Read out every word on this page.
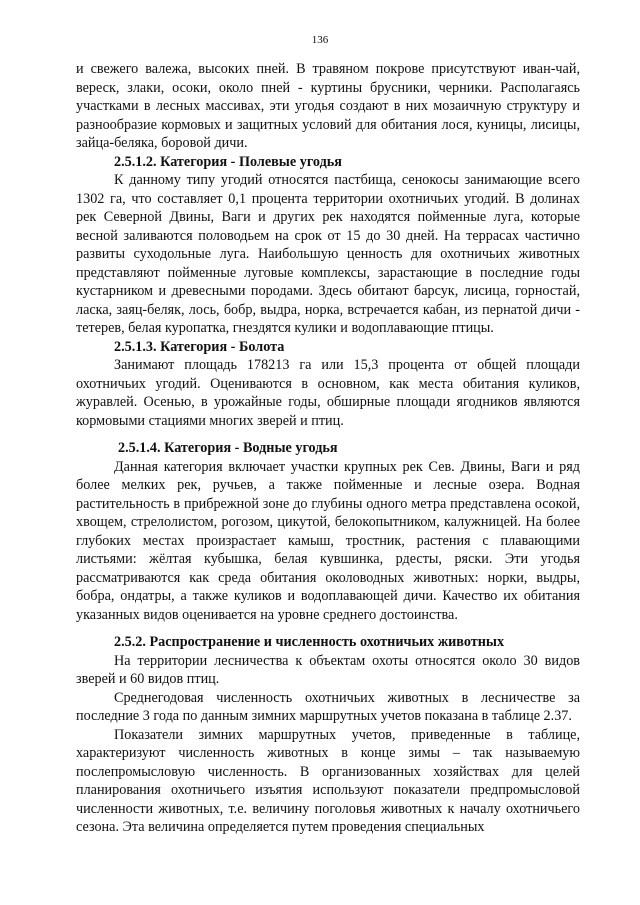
136

и свежего валежа, высоких пней. В травяном покрове присутствуют иван-чай, вереск, злаки, осоки, около пней - куртины брусники, черники. Располагаясь участками в лесных массивах, эти угодья создают в них мозаичную структуру и разнообразие кормовых и защитных условий для обитания лося, куницы, лисицы, зайца-беляка, боровой дичи.

2.5.1.2. Категория - Полевые угодья

К данному типу угодий относятся пастбища, сенокосы занимающие всего 1302 га, что составляет 0,1 процента территории охотничьих угодий. В долинах рек Северной Двины, Ваги и других рек находятся пойменные луга, которые весной заливаются половодьем на срок от 15 до 30 дней. На террасах частично развиты суходольные луга. Наибольшую ценность для охотничьих животных представляют пойменные луговые комплексы, зарастающие в последние годы кустарником и древесными породами. Здесь обитают барсук, лисица, горностай, ласка, заяц-беляк, лось, бобр, выдра, норка, встречается кабан, из пернатой дичи - тетерев, белая куропатка, гнездятся кулики и водоплавающие птицы.

2.5.1.3. Категория - Болота

Занимают площадь 178213 га или 15,3 процента от общей площади охотничьих угодий. Оцениваются в основном, как места обитания куликов, журавлей. Осенью, в урожайные годы, обширные площади ягодников являются кормовыми стациями многих зверей и птиц.

2.5.1.4. Категория - Водные угодья

Данная категория включает участки крупных рек Сев. Двины, Ваги и ряд более мелких рек, ручьев, а также пойменные и лесные озера. Водная растительность в прибрежной зоне до глубины одного метра представлена осокой, хвощем, стрелолистом, рогозом, цикутой, белокопытником, калужницей. На более глубоких местах произрастает камыш, тростник, растения с плавающими листьями: жёлтая кубышка, белая кувшинка, рдесты, ряски. Эти угодья рассматриваются как среда обитания околоводных животных: норки, выдры, бобра, ондатры, а также куликов и водоплавающей дичи. Качество их обитания указанных видов оценивается на уровне среднего достоинства.

2.5.2. Распространение и численность охотничьих животных

На территории лесничества к объектам охоты относятся около 30 видов зверей и 60 видов птиц.

Среднегодовая численность охотничьих животных в лесничестве за последние 3 года по данным зимних маршрутных учетов показана в таблице 2.37.

Показатели зимних маршрутных учетов, приведенные в таблице, характеризуют численность животных в конце зимы – так называемую послепромысловую численность. В организованных хозяйствах для целей планирования охотничьего изъятия используют показатели предпромысловой численности животных, т.е. величину поголовья животных к началу охотничьего сезона. Эта величина определяется путем проведения специальных
